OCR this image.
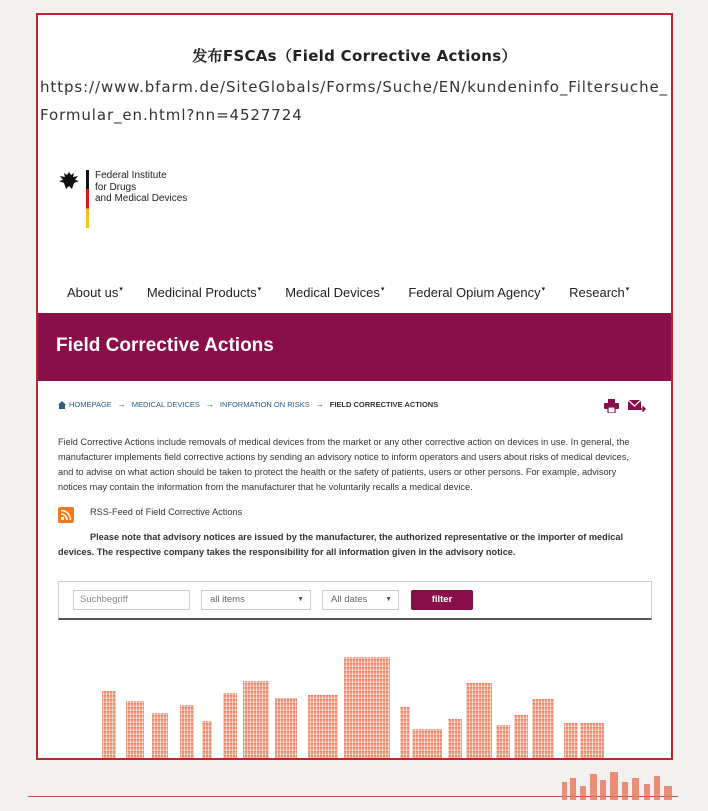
发布FSCAs（Field Corrective Actions）
https://www.bfarm.de/SiteGlobals/Forms/Suche/EN/kundeninfo_Filtersuche_Formular_en.html?nn=4527724
Federal Institute
for Drugs
and Medical Devices
About us▾ Medicinal Products▾ Medical Devices▾ Federal Opium Agency▾ Research▾
Field Corrective Actions
HOMEPAGE → MEDICAL DEVICES → INFORMATION ON RISKS → FIELD CORRECTIVE ACTIONS
Field Corrective Actions include removals of medical devices from the market or any other corrective action on devices in use. In general, the manufacturer implements field corrective actions by sending an advisory notice to inform operators and users about risks of medical devices, and to advise on what action should be taken to protect the health or the safety of patients, users or other persons. For example, advisory notices may contain the information from the manufacturer that he voluntarily recalls a medical device.
RSS-Feed of Field Corrective Actions
Please note that advisory notices are issued by the manufacturer, the authorized representative or the importer of medical devices. The respective company takes the responsibility for all information given in the advisory notice.
Suchbegriff	all items	▼	All dates	▼	filter
